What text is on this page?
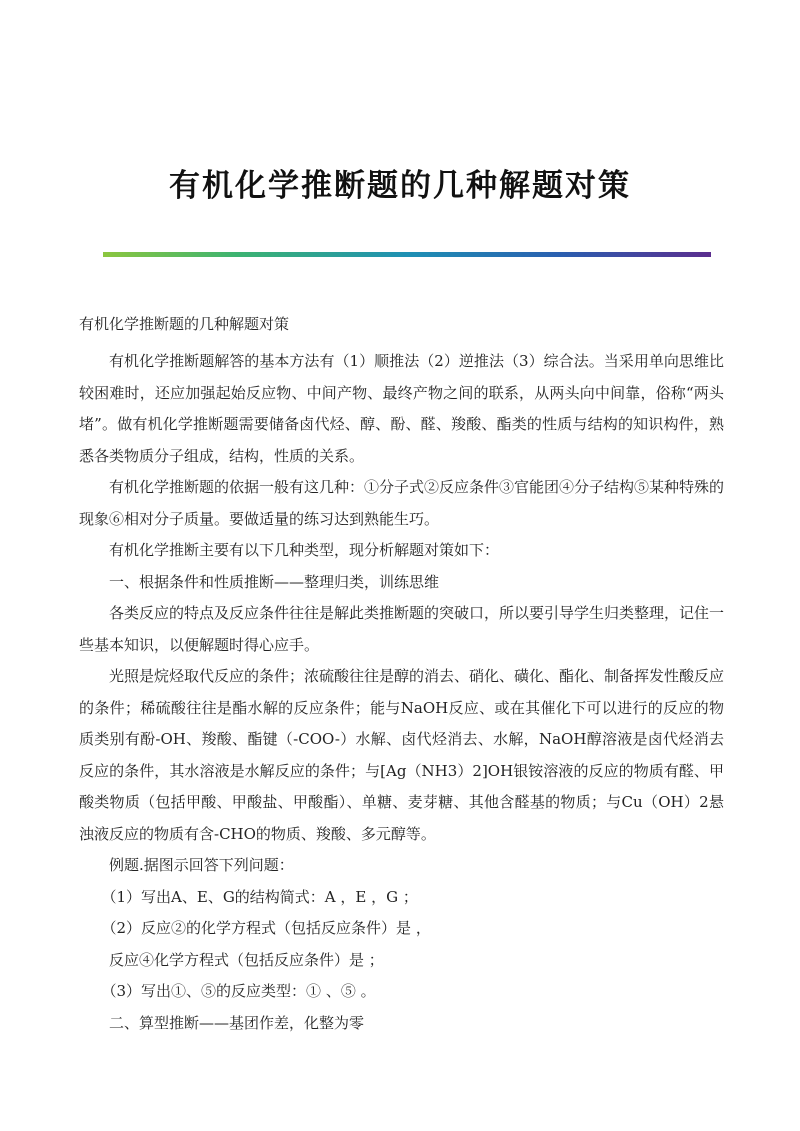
有机化学推断题的几种解题对策
有机化学推断题的几种解题对策

有机化学推断题解答的基本方法有（1）顺推法（2）逆推法（3）综合法。当采用单向思维比较困难时，还应加强起始反应物、中间产物、最终产物之间的联系，从两头向中间靠，俗称“两头堵”。做有机化学推断题需要储备卤代烃、醇、酚、醛、羧酸、酯类的性质与结构的知识构件，熟悉各类物质分子组成，结构，性质的关系。

有机化学推断题的依据一般有这几种：①分子式②反应条件③官能团④分子结构⑤某种特殊的现象⑥相对分子质量。要做适量的练习达到熟能生巧。

有机化学推断主要有以下几种类型，现分析解题对策如下：

一、根据条件和性质推断——整理归类，训练思维

各类反应的特点及反应条件往往是解此类推断题的突破口，所以要引导学生归类整理，记住一些基本知识，以便解题时得心应手。

光照是烷烃取代反应的条件；浓硫酸往往是醇的消去、硝化、磺化、酯化、制备挥发性酸反应的条件；稀硫酸往往是酯水解的反应条件；能与NaOH反应、或在其催化下可以进行的反应的物质类别有酚-OH、羧酸、酯键（-COO-）水解、卤代烃消去、水解，NaOH醇溶液是卤代烃消去反应的条件，其水溶液是水解反应的条件；与[Ag（NH3）2]OH银铵溶液的反应的物质有醛、甲酸类物质（包括甲酸、甲酸盐、甲酸酯）、单糖、麦芽糖、其他含醛基的物质；与Cu（OH）2悬浊液反应的物质有含-CHO的物质、羧酸、多元醇等。

例题.据图示回答下列问题：

（1）写出A、E、G的结构简式：A ，E ，G ；

（2）反应②的化学方程式（包括反应条件）是 ，

反应④化学方程式（包括反应条件）是 ；

（3）写出①、⑤的反应类型：① 、⑤ 。

二、算型推断——基团作差，化整为零
